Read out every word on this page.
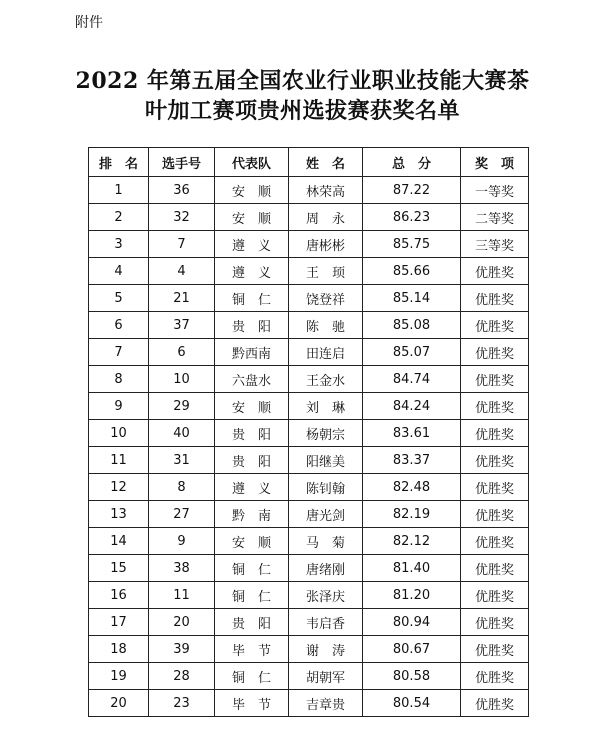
附件
2022 年第五届全国农业行业职业技能大赛茶
叶加工赛项贵州选拔赛获奖名单
排　名	选手号	代表队	姓　名	总　分	奖　项
1	36	安　顺	林荣高	87.22	一等奖
2	32	安　顺	周　永	86.23	二等奖
3	7	遵　义	唐彬彬	85.75	三等奖
4	4	遵　义	王　顼	85.66	优胜奖
5	21	铜　仁	饶登祥	85.14	优胜奖
6	37	贵　阳	陈　驰	85.08	优胜奖
7	6	黔西南	田连启	85.07	优胜奖
8	10	六盘水	王金水	84.74	优胜奖
9	29	安　顺	刘　琳	84.24	优胜奖
10	40	贵　阳	杨朝宗	83.61	优胜奖
11	31	贵　阳	阳继美	83.37	优胜奖
12	8	遵　义	陈钊翰	82.48	优胜奖
13	27	黔　南	唐光剑	82.19	优胜奖
14	9	安　顺	马　菊	82.12	优胜奖
15	38	铜　仁	唐绪刚	81.40	优胜奖
16	11	铜　仁	张泽庆	81.20	优胜奖
17	20	贵　阳	韦启香	80.94	优胜奖
18	39	毕　节	谢　涛	80.67	优胜奖
19	28	铜　仁	胡朝军	80.58	优胜奖
20	23	毕　节	吉章贵	80.54	优胜奖
